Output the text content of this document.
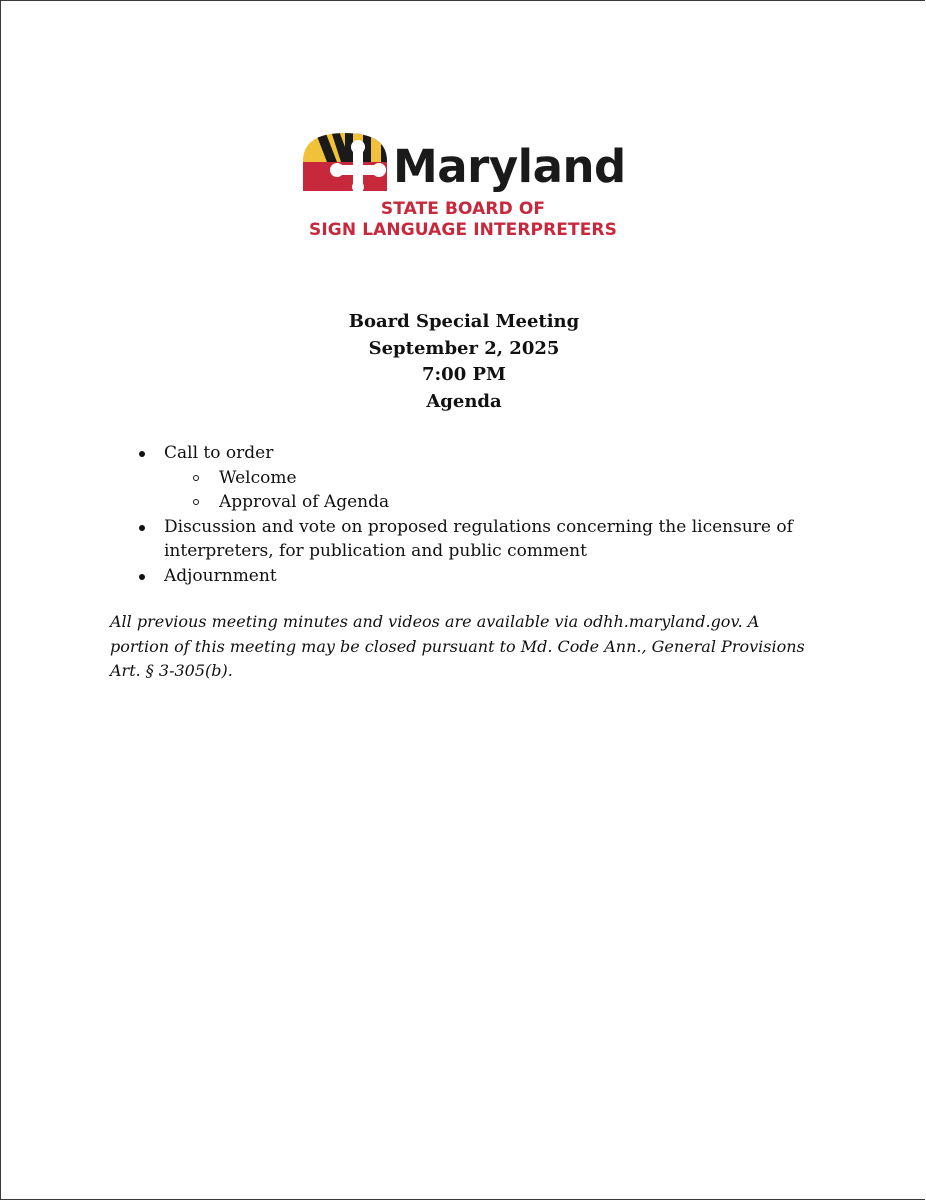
Maryland
STATE BOARD OF
SIGN LANGUAGE INTERPRETERS
Board Special Meeting
September 2, 2025
7:00 PM
Agenda
Call to order
Welcome
Approval of Agenda
Discussion and vote on proposed regulations concerning the licensure of
interpreters, for publication and public comment
Adjournment
All previous meeting minutes and videos are available via odhh.maryland.gov. A
portion of this meeting may be closed pursuant to Md. Code Ann., General Provisions
Art. § 3-305(b).
